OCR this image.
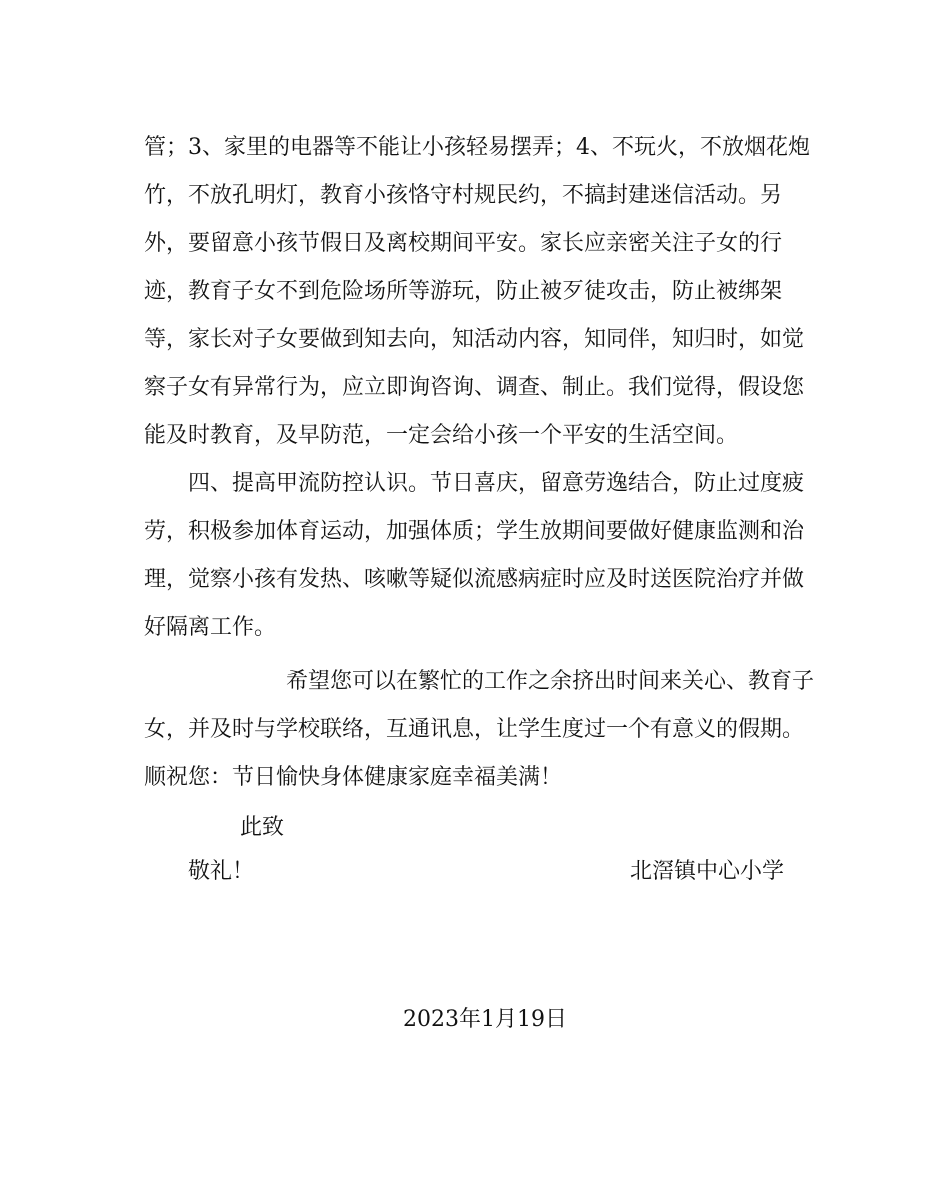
管；3、家里的电器等不能让小孩轻易摆弄；4、不玩火，不放烟花炮
竹，不放孔明灯，教育小孩恪守村规民约，不搞封建迷信活动。另
外，要留意小孩节假日及离校期间平安。家长应亲密关注子女的行
迹，教育子女不到危险场所等游玩，防止被歹徒攻击，防止被绑架
等，家长对子女要做到知去向，知活动内容，知同伴，知归时，如觉
察子女有异常行为，应立即询咨询、调查、制止。我们觉得，假设您
能及时教育，及早防范，一定会给小孩一个平安的生活空间。
四、提高甲流防控认识。节日喜庆，留意劳逸结合，防止过度疲
劳，积极参加体育运动，加强体质；学生放期间要做好健康监测和治
理，觉察小孩有发热、咳嗽等疑似流感病症时应及时送医院治疗并做
好隔离工作。
希望您可以在繁忙的工作之余挤出时间来关心、教育子
女，并及时与学校联络，互通讯息，让学生度过一个有意义的假期。
顺祝您：节日愉快身体健康家庭幸福美满！
此致
敬礼！	北滘镇中心小学
2023年1月19日
